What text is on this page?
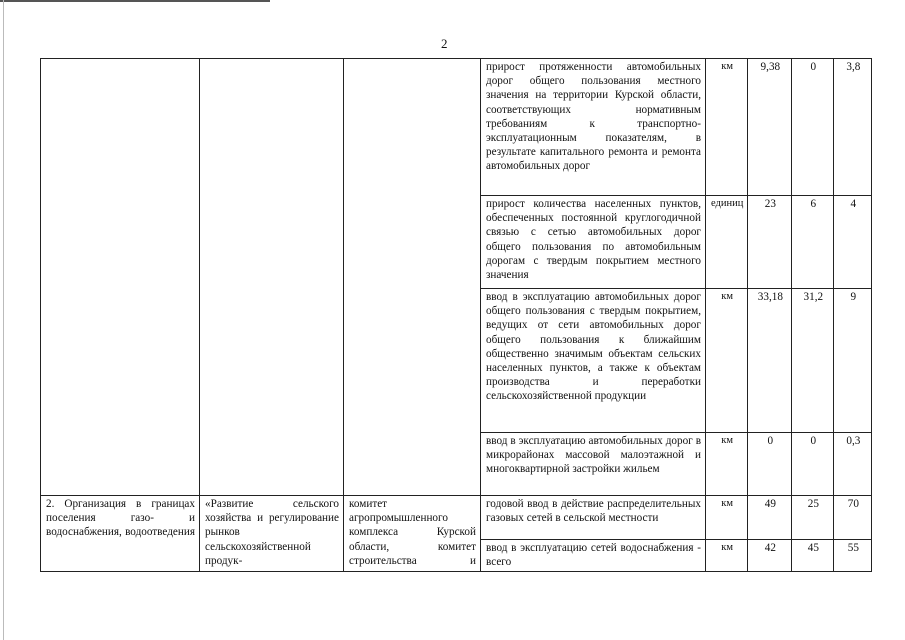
2
			прирост протяженности автомобильных дорог общего пользования местного значения на территории Курской области, соответствующих нормативным требованиям к транспортно-эксплуатационным показателям, в результате капитального ремонта и ремонта автомобильных дорог	км	9,38	0	3,8
			прирост количества населенных пунктов, обеспеченных постоянной круглогодичной связью с сетью автомобильных дорог общего пользования по автомобильным дорогам с твердым покрытием местного значения	единиц	23	6	4
			ввод в эксплуатацию автомобильных дорог общего пользования с твердым покрытием, ведущих от сети автомобильных дорог общего пользования к ближайшим общественно значимым объектам сельских населенных пунктов, а также к объектам производства и переработки сельскохозяйственной продукции	км	33,18	31,2	9
			ввод в эксплуатацию автомобильных дорог в микрорайонах массовой малоэтажной и многоквартирной застройки жильем	км	0	0	0,3
2. Организация в границах поселения газо- и водоснабжения, водоотведения	«Развитие сельского хозяйства и регулирование рынков сельскохозяйственной продук-	комитет агропромышленного комплекса Курской области, комитет строительства и	годовой ввод в действие распределительных газовых сетей в сельской местности	км	49	25	70
			ввод в эксплуатацию сетей водоснабжения - всего	км	42	45	55
